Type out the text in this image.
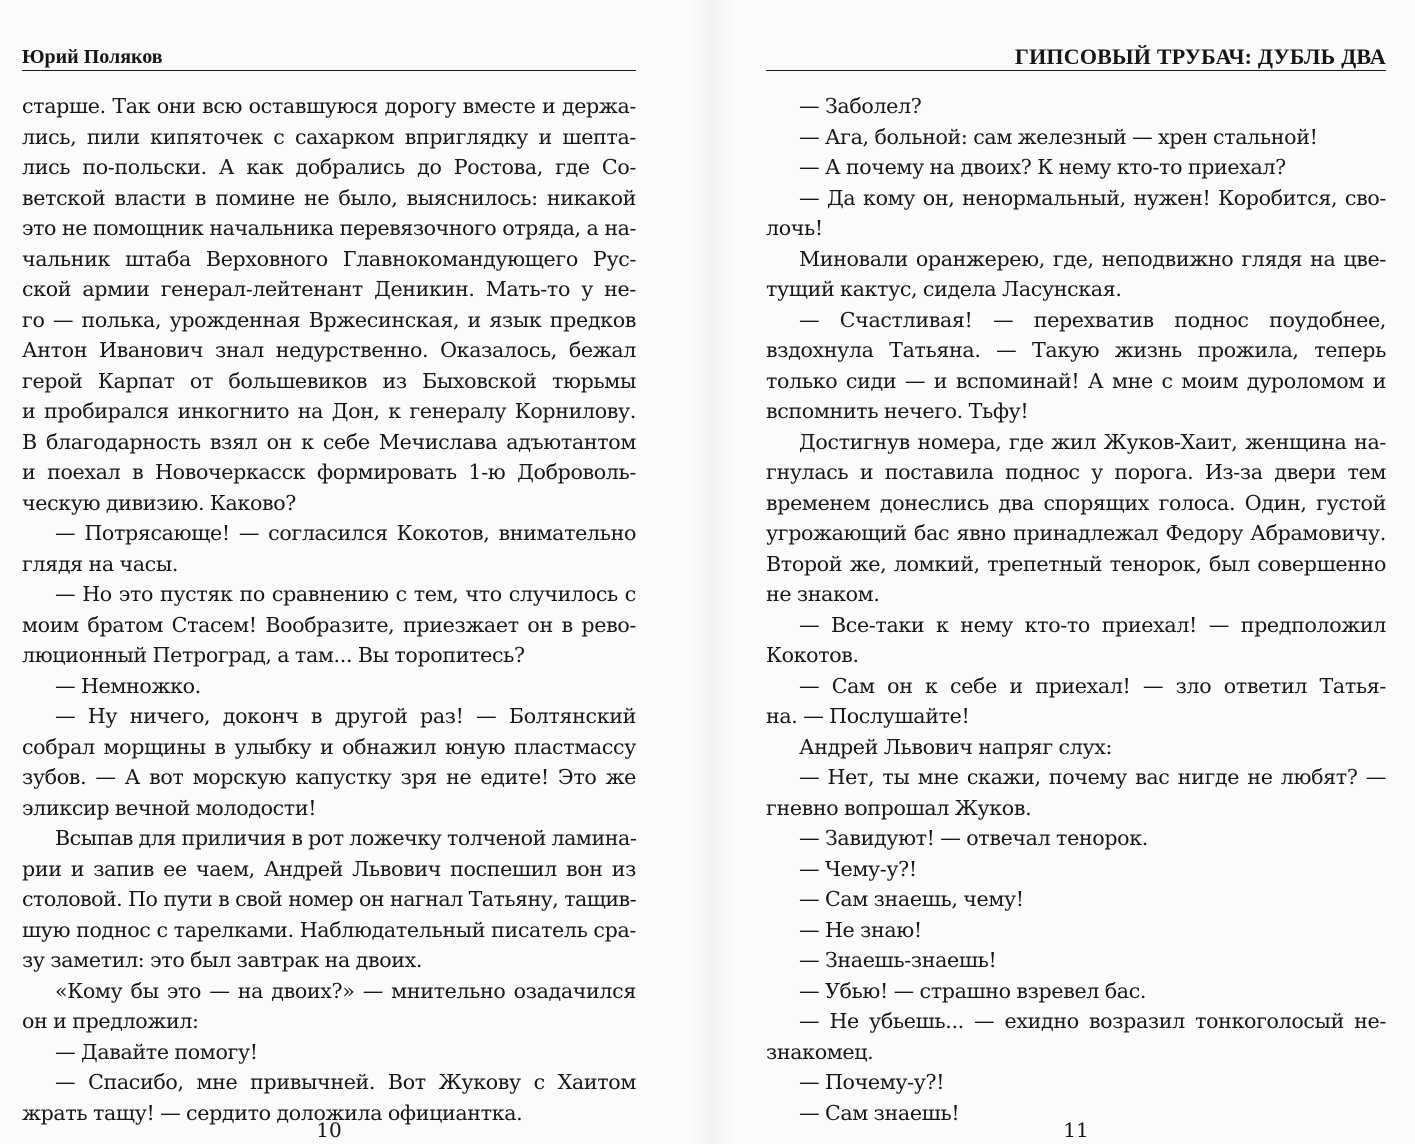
Юрий Поляков
старше. Так они всю оставшуюся дорогу вместе и держа-
лись, пили кипяточек с сахарком вприглядку и шепта-
лись по-польски. А как добрались до Ростова, где Со-
ветской власти в помине не было, выяснилось: никакой
это не помощник начальника перевязочного отряда, а на-
чальник штаба Верховного Главнокомандующего Рус-
ской армии генерал-лейтенант Деникин. Мать-то у не-
го — полька, урожденная Вржесинская, и язык предков
Антон Иванович знал недурственно. Оказалось, бежал
герой Карпат от большевиков из Быховской тюрьмы
и пробирался инкогнито на Дон, к генералу Корнилову.
В благодарность взял он к себе Мечислава адъютантом
и поехал в Новочеркасск формировать 1-ю Доброволь-
ческую дивизию. Каково?
— Потрясающе! — согласился Кокотов, внимательно
глядя на часы.
— Но это пустяк по сравнению с тем, что случилось с
моим братом Стасем! Вообразите, приезжает он в рево-
люционный Петроград, а там... Вы торопитесь?
— Немножко.
— Ну ничего, доконч в другой раз! — Болтянский
собрал морщины в улыбку и обнажил юную пластмассу
зубов. — А вот морскую капустку зря не едите! Это же
эликсир вечной молодости!
Всыпав для приличия в рот ложечку толченой ламина-
рии и запив ее чаем, Андрей Львович поспешил вон из
столовой. По пути в свой номер он нагнал Татьяну, тащив-
шую поднос с тарелками. Наблюдательный писатель сра-
зу заметил: это был завтрак на двоих.
«Кому бы это — на двоих?» — мнительно озадачился
он и предложил:
— Давайте помогу!
— Спасибо, мне привычней. Вот Жукову с Хаитом
жрать тащу! — сердито доложила официантка.
10
ГИПСОВЫЙ ТРУБАЧ: ДУБЛЬ ДВА
— Заболел?
— Ага, больной: сам железный — хрен стальной!
— А почему на двоих? К нему кто-то приехал?
— Да кому он, ненормальный, нужен! Коробится, сво-
лочь!
Миновали оранжерею, где, неподвижно глядя на цве-
тущий кактус, сидела Ласунская.
— Счастливая! — перехватив поднос поудобнее,
вздохнула Татьяна. — Такую жизнь прожила, теперь
только сиди — и вспоминай! А мне с моим дуроломом и
вспомнить нечего. Тьфу!
Достигнув номера, где жил Жуков-Хаит, женщина на-
гнулась и поставила поднос у порога. Из-за двери тем
временем донеслись два спорящих голоса. Один, густой
угрожающий бас явно принадлежал Федору Абрамовичу.
Второй же, ломкий, трепетный тенорок, был совершенно
не знаком.
— Все-таки к нему кто-то приехал! — предположил
Кокотов.
— Сам он к себе и приехал! — зло ответил Татья-
на. — Послушайте!
Андрей Львович напряг слух:
— Нет, ты мне скажи, почему вас нигде не любят? —
гневно вопрошал Жуков.
— Завидуют! — отвечал тенорок.
— Чему-у?!
— Сам знаешь, чему!
— Не знаю!
— Знаешь-знаешь!
— Убью! — страшно взревел бас.
— Не убьешь... — ехидно возразил тонкоголосый не-
знакомец.
— Почему-у?!
— Сам знаешь!
11
